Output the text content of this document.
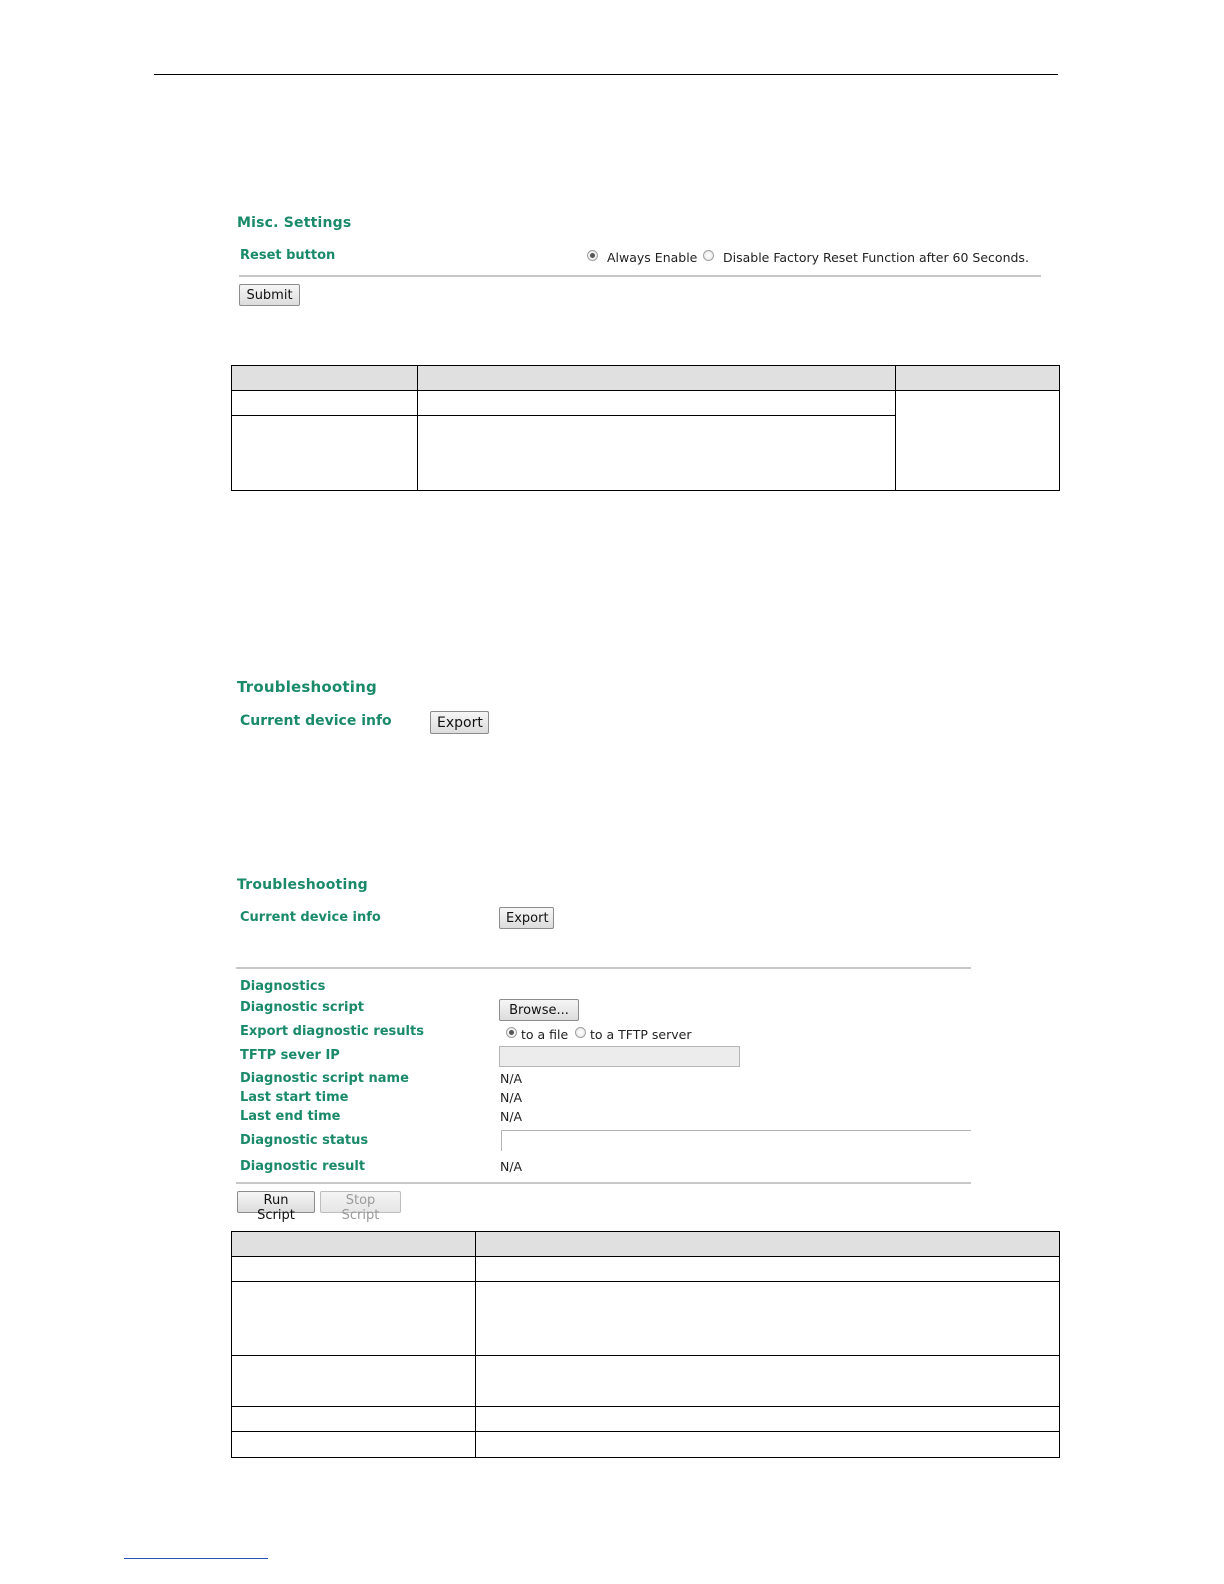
Misc. Settings
Reset button	Always Enable Disable Factory Reset Function after 60 Seconds.
Submit

Troubleshooting
Current device info	Export
Troubleshooting
Current device info	Export
Diagnostics
Diagnostic script	Browse...
Export diagnostic results	to a file to a TFTP server
TFTP sever IP
Diagnostic script name	N/A
Last start time	N/A
Last end time	N/A
Diagnostic status
Diagnostic result	N/A
Run Script
Stop Script
